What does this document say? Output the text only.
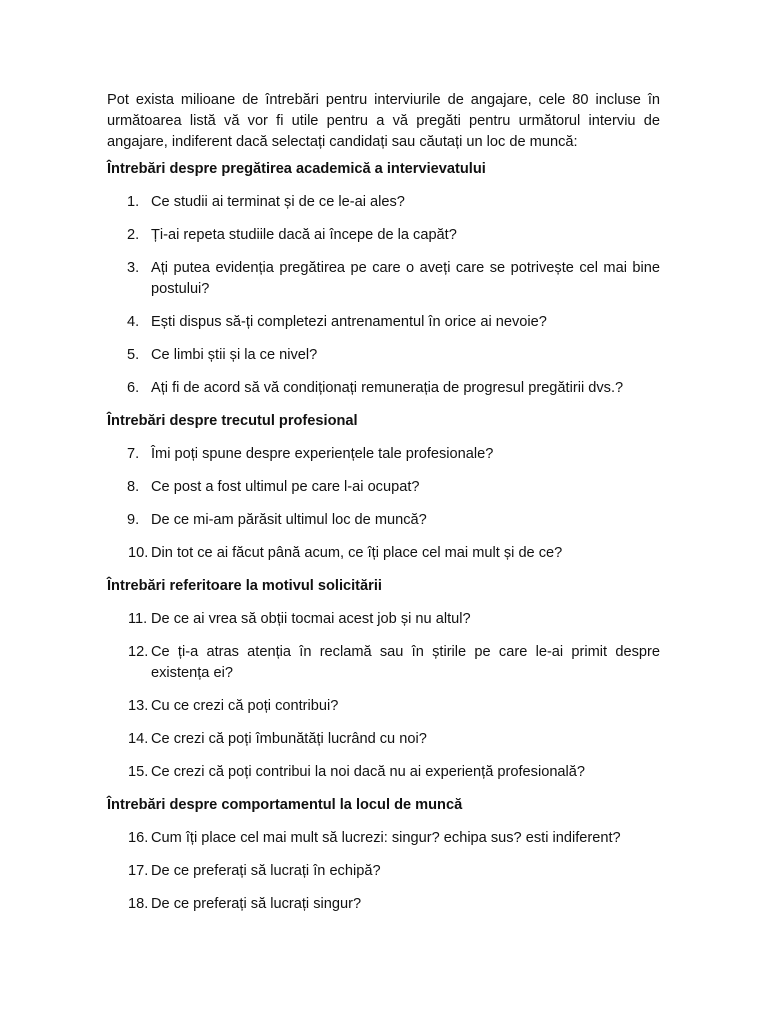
Pot exista milioane de întrebări pentru interviurile de angajare, cele 80 incluse în următoarea listă vă vor fi utile pentru a vă pregăti pentru următorul interviu de angajare, indiferent dacă selectați candidați sau căutați un loc de muncă:

Întrebări despre pregătirea academică a intervievatului
1. Ce studii ai terminat și de ce le-ai ales?
2. Ți-ai repeta studiile dacă ai începe de la capăt?
3. Ați putea evidenția pregătirea pe care o aveți care se potrivește cel mai bine postului?
4. Ești dispus să-ți completezi antrenamentul în orice ai nevoie?
5. Ce limbi știi și la ce nivel?
6. Ați fi de acord să vă condiționați remunerația de progresul pregătirii dvs.?
Întrebări despre trecutul profesional
7. Îmi poți spune despre experiențele tale profesionale?
8. Ce post a fost ultimul pe care l-ai ocupat?
9. De ce mi-am părăsit ultimul loc de muncă?
10. Din tot ce ai făcut până acum, ce îți place cel mai mult și de ce?
Întrebări referitoare la motivul solicitării
11. De ce ai vrea să obții tocmai acest job și nu altul?
12. Ce ți-a atras atenția în reclamă sau în știrile pe care le-ai primit despre existența ei?
13. Cu ce crezi că poți contribui?
14. Ce crezi că poți îmbunătăți lucrând cu noi?
15. Ce crezi că poți contribui la noi dacă nu ai experiență profesională?
Întrebări despre comportamentul la locul de muncă
16. Cum îți place cel mai mult să lucrezi: singur? echipa sus? esti indiferent?
17. De ce preferați să lucrați în echipă?
18. De ce preferați să lucrați singur?
